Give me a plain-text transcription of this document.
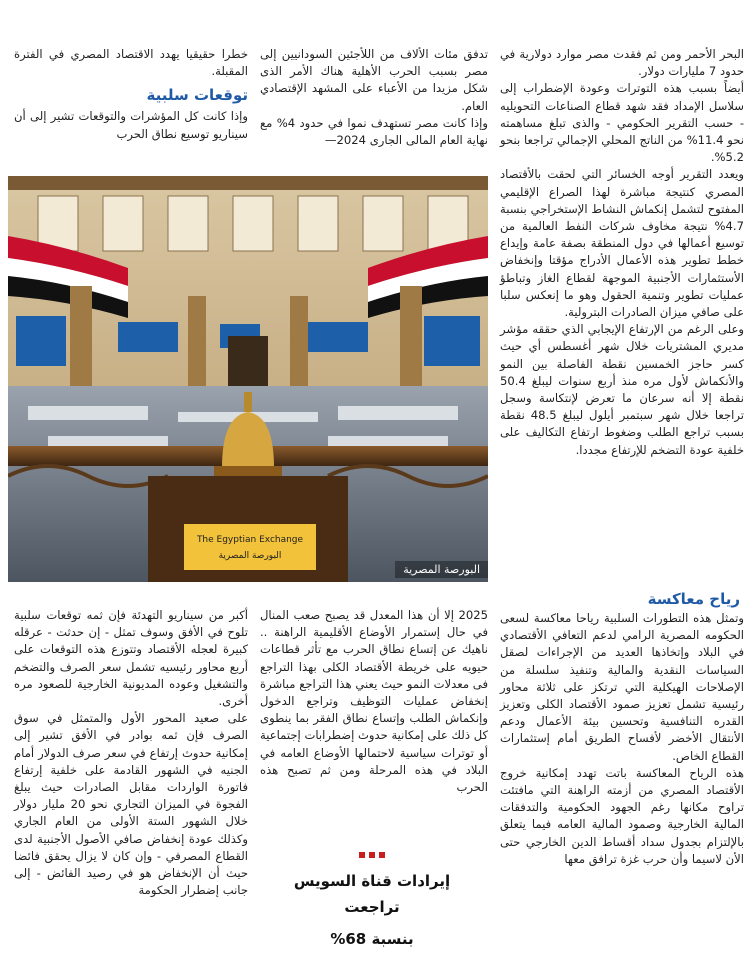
البحر الأحمر ومن ثم فقدت مصر موارد دولارية في حدود 7 مليارات دولار.

أيضاً بسبب هذه التوترات وعودة الإضطراب إلى سلاسل الإمداد فقد شهد قطاع الصناعات التحويليه - حسب التقرير الحكومي - والذى تبلغ مساهمته نحو 11.4% من الناتج المحلي الإجمالي تراجعا بنحو 5.2%.

ويعدد التقرير أوجه الخسائر التي لحقت بالأقتصاد المصري كنتيجة مباشرة لهذا الصراع الإقليمي المفتوح لتشمل إنكماش النشاط الإستخراجي بنسبة 4.7% نتيجة مخاوف شركات النفط العالمية من توسيع أعمالها في دول المنطقة بصفة عامة وإيداع خطط تطوير هذه الأعمال الأدراج مؤقتا وإنخفاض الأستثمارات الأجنبية الموجهة لقطاع الغاز وتباطؤ عمليات تطوير وتنمية الحقول وهو ما إنعكس سلبا على صافي ميزان الصادرات البترولية.

وعلى الرغم من الإرتفاع الإيجابي الذي حققه مؤشر مديري المشتريات خلال شهر أغسطس أي حيث كسر حاجز الخمسين نقطة الفاصلة بين النمو والأنكماش لأول مره منذ أربع سنوات ليبلغ 50.4 نقطة إلا أنه سرعان ما تعرض لإنتكاسة وسجل تراجعا خلال شهر سبتمبر أيلول ليبلغ 48.5 نقطة بسبب تراجع الطلب وضغوط ارتفاع التكاليف على خلفية عودة التضخم للإرتفاع مجددا.

تدفق مئات الألاف من اللأجئين السودانيين إلى مصر بسبب الحرب الأهلية هناك الأمر الذى شكل مزيدا من الأعباء على المشهد الإقتصادي العام.

وإذا كانت مصر تستهدف نموا في حدود 4% مع نهاية العام المالى الجارى 2024—

خطرا حقيقيا يهدد الاقتصاد المصري في الفترة المقبلة.

توقعات سلبية

وإذا كانت كل المؤشرات والتوقعات تشير إلى أن سيناريو توسيع نطاق الحرب

The Egyptian Exchange
البورصة المصرية
البورصة المصرية
رياح معاكسة

وتمثل هذه التطورات السلبية رياحا معاكسة لسعى الحكومه المصرية الرامي لدعم التعافي الأقتصادي في البلاد وإتخاذها العديد من الإجراءات لصقل السياسات النقدية والمالية وتنفيذ سلسلة من الإصلاحات الهيكلية التي ترتكز على ثلاثة محاور رئيسية تشمل تعزيز صمود الأقتصاد الكلى وتعزيز القدره التنافسية وتحسين بيئة الأعمال ودعم الأنتقال الأخضر لأفساح الطريق أمام إستثمارات القطاع الخاص.

هذه الرياح المعاكسة باتت تهدد إمكانية خروج الأقتصاد المصري من أزمته الراهنة التي مافتئت تراوح مكانها رغم الجهود الحكومية والتدفقات المالية الخارجية وصمود المالية العامه فيما يتعلق بالإلتزام بجدول سداد أقساط الدين الخارجي حتى الأن لاسيما وأن حرب غزة ترافق معها

2025 إلا أن هذا المعدل قد يصبح صعب المنال في حال إستمرار الأوضاع الأقليمية الراهنة .. ناهيك عن إتساع نطاق الحرب مع تأثر قطاعات حيويه على خريطة الأقتصاد الكلى بهذا التراجع فى معدلات النمو حيث يعني هذا التراجع مباشرة إنخفاض عمليات التوظيف وتراجع الدخول وإنكماش الطلب وإتساع نطاق الفقر بما ينطوى كل ذلك على إمكانية حدوث إضطرابات إجتماعية أو توترات سياسية لاحتمالها الأوضاع العامه في البلاد في هذه المرحلة ومن ثم تصبح هذه الحرب

إيرادات قناة السويس تراجعت
بنسبة 68%

أكبر من سيناريو التهدئة فإن ثمه توقعات سلبية تلوح في الأفق وسوف تمثل - إن حدثت - عرقله كبيرة لعجله الأقتصاد وتتوزع هذه التوقعات على أربع محاور رئيسيه تشمل سعر الصرف والتضخم والتشغيل وعوده المديونية الخارجية للصعود مره أخرى.

على صعيد المحور الأول والمتمثل في سوق الصرف فإن ثمه بوادر في الأفق تشير إلى إمكانية حدوث إرتفاع في سعر صرف الدولار أمام الجنيه في الشهور القادمة على خلفية إرتفاع فاتورة الواردات مقابل الصادرات حيث يبلغ الفجوة في الميزان التجاري نحو 20 مليار دولار خلال الشهور الستة الأولى من العام الجاري وكذلك عودة إنخفاض صافي الأصول الأجنبية لدى القطاع المصرفي - وإن كان لا يزال يحقق فائضا حيث أن الإنخفاض هو في رصيد الفائض - إلى جانب إضطرار الحكومة
